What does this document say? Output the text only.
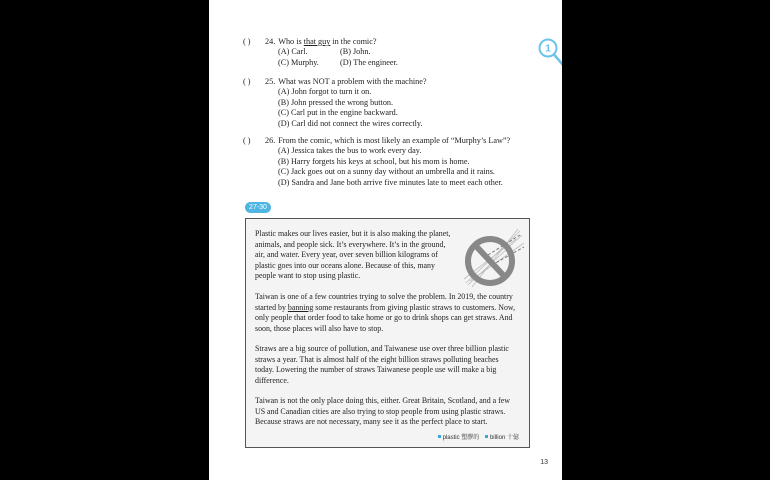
1
( ) 24. Who is that guy in the comic?
(A) Carl.	(B) John.
(C) Murphy.	(D) The engineer.
( ) 25. What was NOT a problem with the machine?
(A) John forgot to turn it on.
(B) John pressed the wrong button.
(C) Carl put in the engine backward.
(D) Carl did not connect the wires correctly.
( ) 26. From the comic, which is most likely an example of “Murphy’s Law”?
(A) Jessica takes the bus to work every day.
(B) Harry forgets his keys at school, but his mom is home.
(C) Jack goes out on a sunny day without an umbrella and it rains.
(D) Sandra and Jane both arrive five minutes late to meet each other.
27-30
Plastic makes our lives easier, but it is also making the planet,
animals, and people sick. It’s everywhere. It’s in the ground,
air, and water. Every year, over seven billion kilograms of
plastic goes into our oceans alone. Because of this, many
people want to stop using plastic.
Taiwan is one of a few countries trying to solve the problem. In 2019, the country
started by banning some restaurants from giving plastic straws to customers. Now,
only people that order food to take home or go to drink shops can get straws. And
soon, those places will also have to stop.
Straws are a big source of pollution, and Taiwanese use over three billion plastic
straws a year. That is almost half of the eight billion straws polluting beaches
today. Lowering the number of straws Taiwanese people use will make a big
difference.
Taiwan is not the only place doing this, either. Great Britain, Scotland, and a few
US and Canadian cities are also trying to stop people from using plastic straws.
Because straws are not necessary, many see it as the perfect place to start.
plastic 塑膠的 billion 十億
13
